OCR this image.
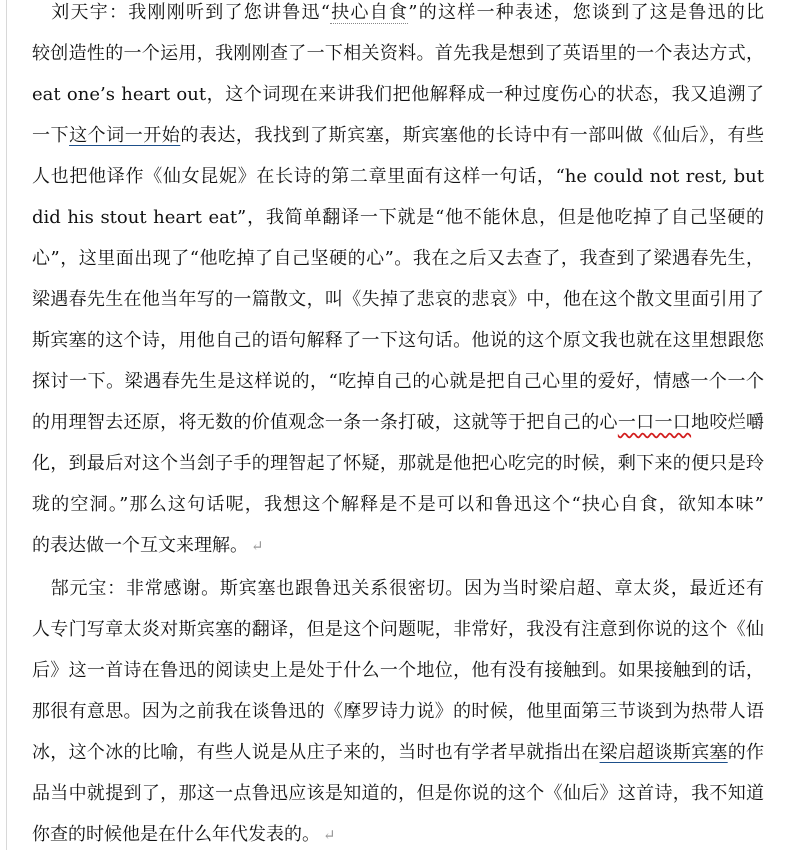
　刘天宇：我刚刚听到了您讲鲁迅“抉心自食”的这样一种表述，您谈到了这是鲁迅的比
较创造性的一个运用，我刚刚查了一下相关资料。首先我是想到了英语里的一个表达方式，
eat one’s heart out，这个词现在来讲我们把他解释成一种过度伤心的状态，我又追溯了
一下这个词一开始的表达，我找到了斯宾塞，斯宾塞他的长诗中有一部叫做《仙后》，有些
人也把他译作《仙女昆妮》在长诗的第二章里面有这样一句话，“he could not rest, but
did his stout heart eat”，我简单翻译一下就是“他不能休息，但是他吃掉了自己坚硬的
心”，这里面出现了“他吃掉了自己坚硬的心”。我在之后又去查了，我查到了梁遇春先生，
梁遇春先生在他当年写的一篇散文，叫《失掉了悲哀的悲哀》中，他在这个散文里面引用了
斯宾塞的这个诗，用他自己的语句解释了一下这句话。他说的这个原文我也就在这里想跟您
探讨一下。梁遇春先生是这样说的，“吃掉自己的心就是把自己心里的爱好，情感一个一个
的用理智去还原，将无数的价值观念一条一条打破，这就等于把自己的心一口一口地咬烂嚼
化，到最后对这个当刽子手的理智起了怀疑，那就是他把心吃完的时候，剩下来的便只是玲
珑的空洞。”那么这句话呢，我想这个解释是不是可以和鲁迅这个“抉心自食，欲知本味”
的表达做一个互文来理解。 ↵
　郜元宝：非常感谢。斯宾塞也跟鲁迅关系很密切。因为当时梁启超、章太炎，最近还有
人专门写章太炎对斯宾塞的翻译，但是这个问题呢，非常好，我没有注意到你说的这个《仙
后》这一首诗在鲁迅的阅读史上是处于什么一个地位，他有没有接触到。如果接触到的话，
那很有意思。因为之前我在谈鲁迅的《摩罗诗力说》的时候，他里面第三节谈到为热带人语
冰，这个冰的比喻，有些人说是从庄子来的，当时也有学者早就指出在梁启超谈斯宾塞的作
品当中就提到了，那这一点鲁迅应该是知道的，但是你说的这个《仙后》这首诗，我不知道
你查的时候他是在什么年代发表的。 ↵
